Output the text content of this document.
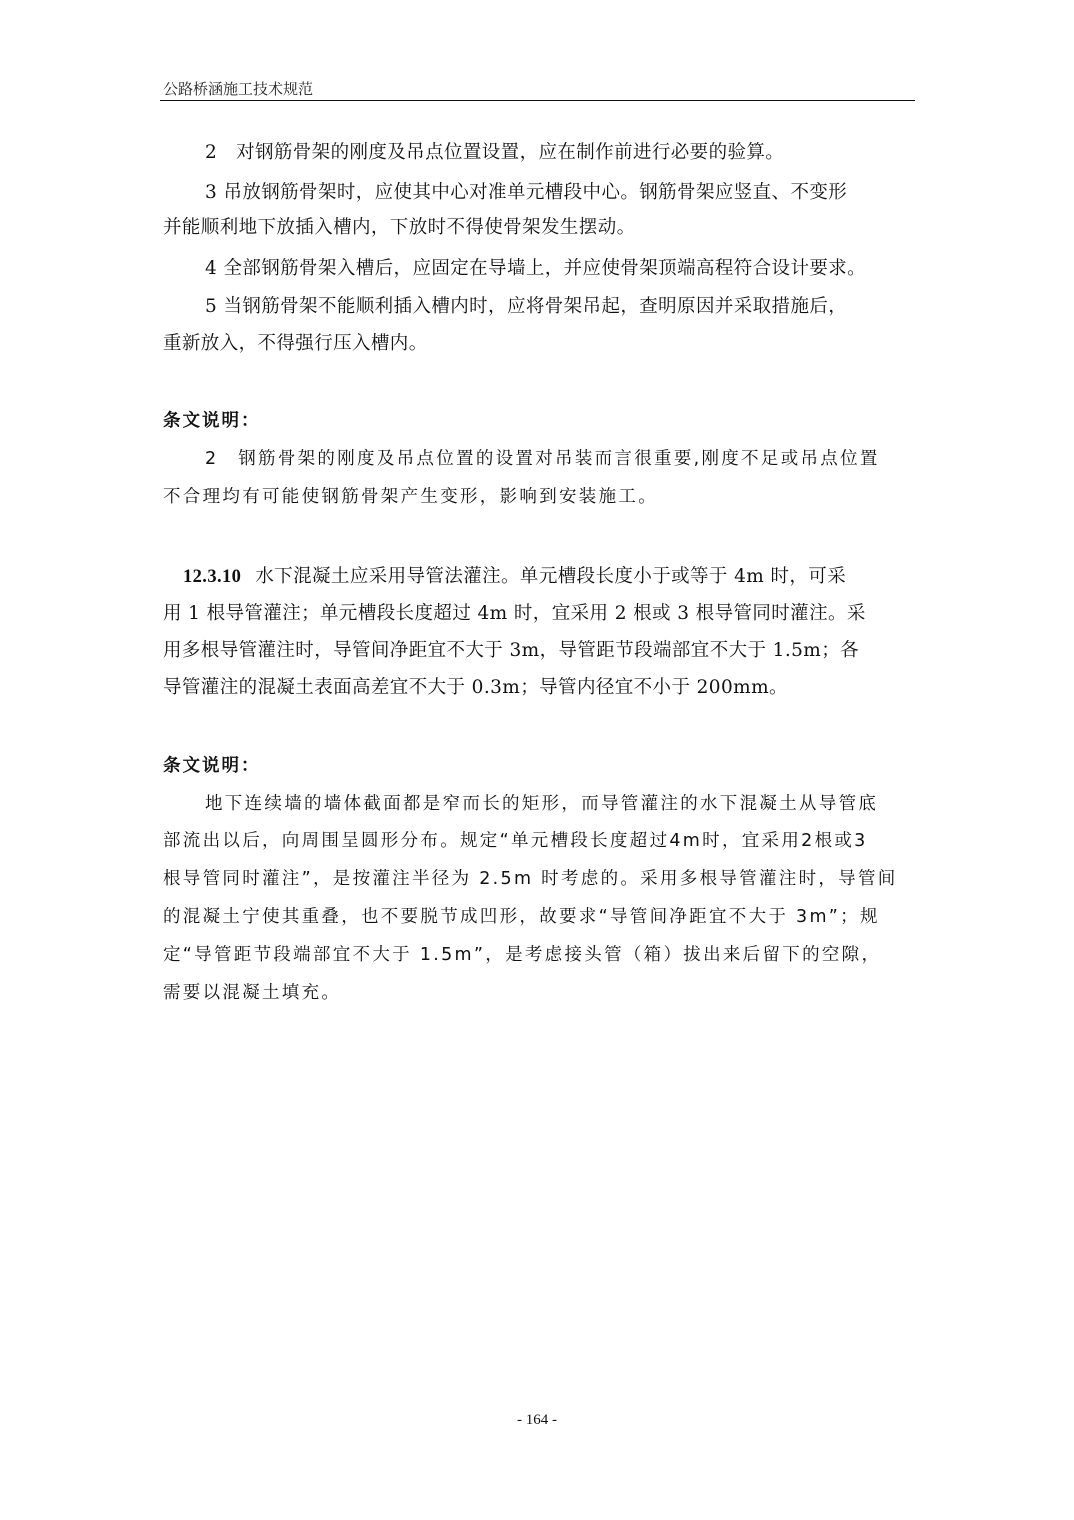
公路桥涵施工技术规范
2　对钢筋骨架的刚度及吊点位置设置，应在制作前进行必要的验算。
3 吊放钢筋骨架时，应使其中心对准单元槽段中心。钢筋骨架应竖直、不变形
并能顺利地下放插入槽内，下放时不得使骨架发生摆动。
4 全部钢筋骨架入槽后，应固定在导墙上，并应使骨架顶端高程符合设计要求。
5 当钢筋骨架不能顺利插入槽内时，应将骨架吊起，查明原因并采取措施后，
重新放入，不得强行压入槽内。
条文说明：
2　钢筋骨架的刚度及吊点位置的设置对吊装而言很重要,刚度不足或吊点位置
不合理均有可能使钢筋骨架产生变形，影响到安装施工。
12.3.10 水下混凝土应采用导管法灌注。单元槽段长度小于或等于 4m 时，可采
用 1 根导管灌注；单元槽段长度超过 4m 时，宜采用 2 根或 3 根导管同时灌注。采
用多根导管灌注时，导管间净距宜不大于 3m，导管距节段端部宜不大于 1.5m；各
导管灌注的混凝土表面高差宜不大于 0.3m；导管内径宜不小于 200mm。
条文说明：
地下连续墙的墙体截面都是窄而长的矩形，而导管灌注的水下混凝土从导管底
部流出以后，向周围呈圆形分布。规定“单元槽段长度超过4m时，宜采用2根或3
根导管同时灌注”，是按灌注半径为 2.5m 时考虑的。采用多根导管灌注时，导管间
的混凝土宁使其重叠，也不要脱节成凹形，故要求“导管间净距宜不大于 3m”；规
定“导管距节段端部宜不大于 1.5m”，是考虑接头管（箱）拔出来后留下的空隙，
需要以混凝土填充。
- 164 -
